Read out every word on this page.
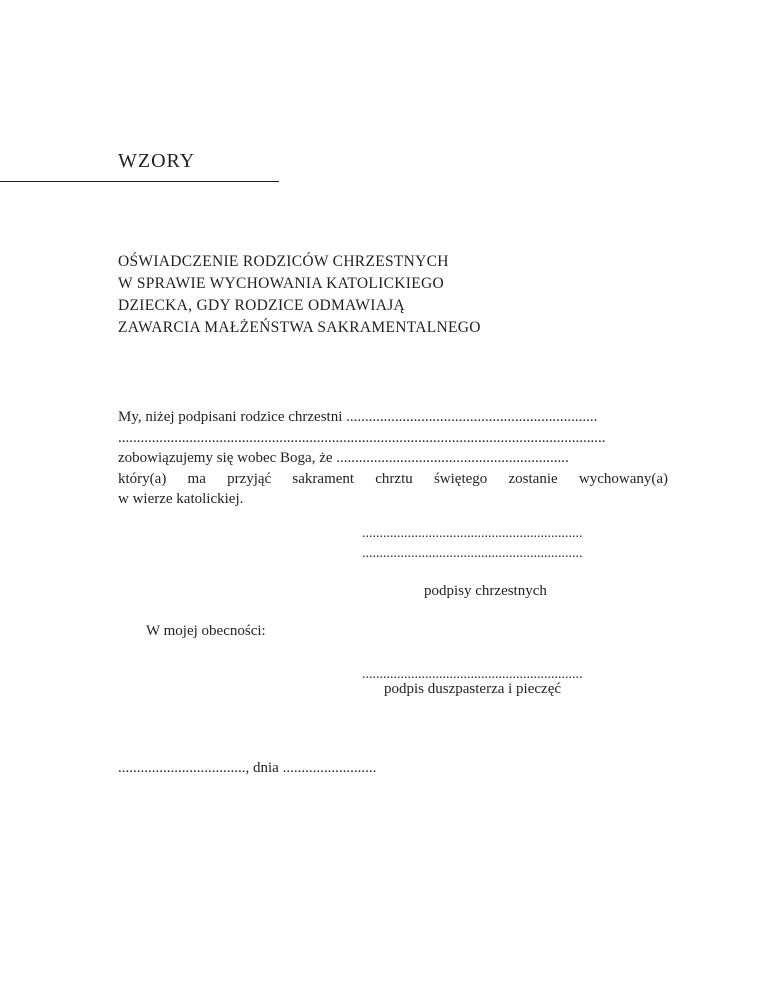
WZORY
OŚWIADCZENIE RODZICÓW CHRZESTNYCH
W SPRAWIE WYCHOWANIA KATOLICKIEGO
DZIECKA, GDY RODZICE ODMAWIAJĄ
ZAWARCIA MAŁŻEŃSTWA SAKRAMENTALNEGO
My, niżej podpisani rodzice chrzestni ...................................................................
..................................................................................................................................
zobowiązujemy się wobec Boga, że ..............................................................
który(a) ma przyjąć sakrament chrztu świętego zostanie wychowany(a)
w wierze katolickiej.
...............................................................
...............................................................
podpisy chrzestnych
W mojej obecności:
...............................................................
podpis duszpasterza i pieczęć
.................................., dnia .........................
